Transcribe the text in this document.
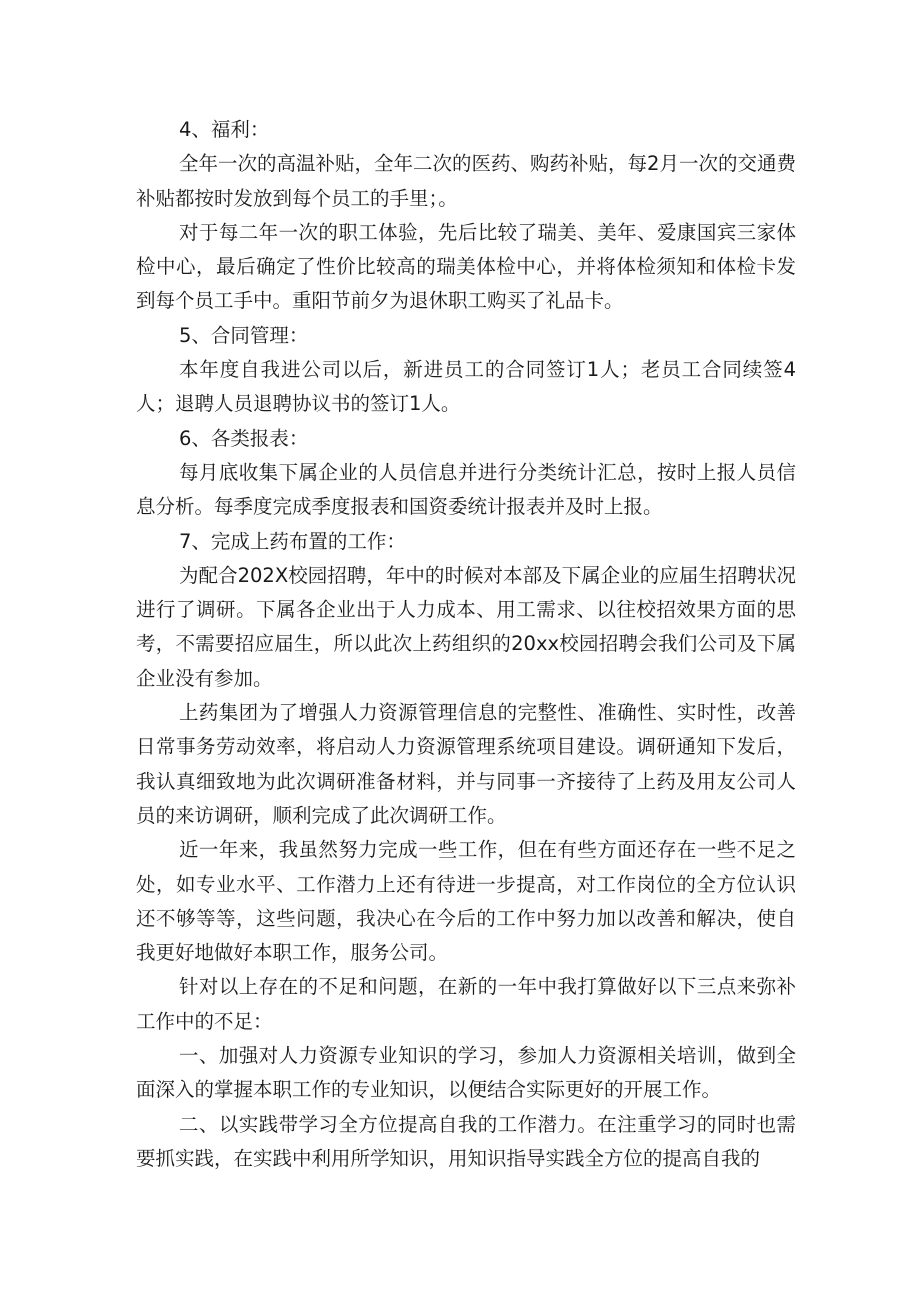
4、福利：

全年一次的高温补贴，全年二次的医药、购药补贴，每2月一次的交通费补贴都按时发放到每个员工的手里；。

对于每二年一次的职工体验，先后比较了瑞美、美年、爱康国宾三家体检中心，最后确定了性价比较高的瑞美体检中心，并将体检须知和体检卡发到每个员工手中。重阳节前夕为退休职工购买了礼品卡。

5、合同管理：

本年度自我进公司以后，新进员工的合同签订1人；老员工合同续签4人；退聘人员退聘协议书的签订1人。

6、各类报表：

每月底收集下属企业的人员信息并进行分类统计汇总，按时上报人员信息分析。每季度完成季度报表和国资委统计报表并及时上报。

7、完成上药布置的工作：

为配合202X校园招聘，年中的时候对本部及下属企业的应届生招聘状况进行了调研。下属各企业出于人力成本、用工需求、以往校招效果方面的思考，不需要招应届生，所以此次上药组织的20xx校园招聘会我们公司及下属企业没有参加。

上药集团为了增强人力资源管理信息的完整性、准确性、实时性，改善日常事务劳动效率，将启动人力资源管理系统项目建设。调研通知下发后，我认真细致地为此次调研准备材料，并与同事一齐接待了上药及用友公司人员的来访调研，顺利完成了此次调研工作。

近一年来，我虽然努力完成一些工作，但在有些方面还存在一些不足之处，如专业水平、工作潜力上还有待进一步提高，对工作岗位的全方位认识还不够等等，这些问题，我决心在今后的工作中努力加以改善和解决，使自我更好地做好本职工作，服务公司。

针对以上存在的不足和问题，在新的一年中我打算做好以下三点来弥补工作中的不足：

一、加强对人力资源专业知识的学习，参加人力资源相关培训，做到全面深入的掌握本职工作的专业知识，以便结合实际更好的开展工作。

二、以实践带学习全方位提高自我的工作潜力。在注重学习的同时也需要抓实践，在实践中利用所学知识，用知识指导实践全方位的提高自我的
